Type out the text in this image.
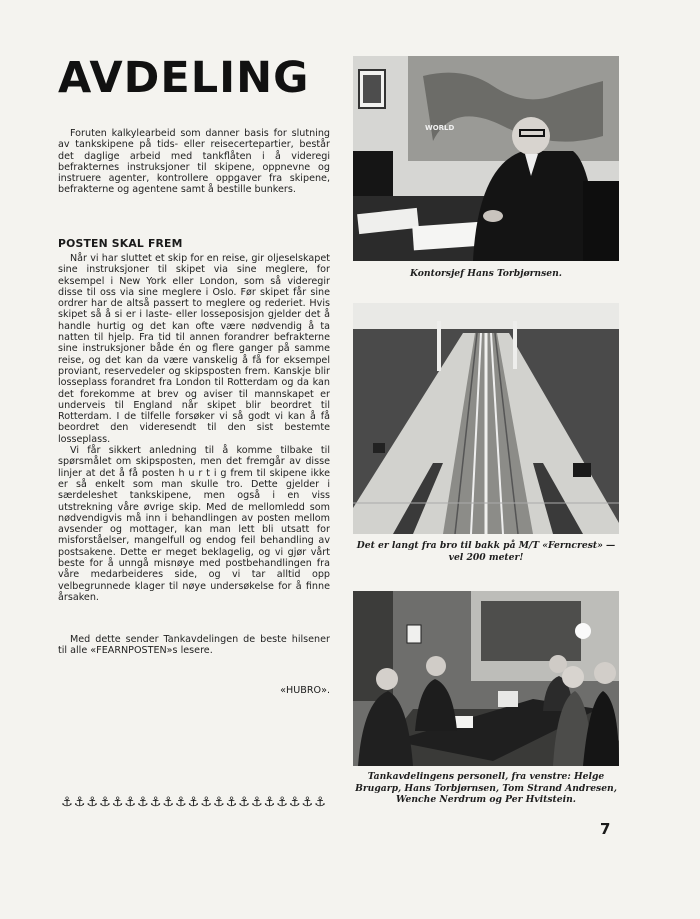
AVDELING

Foruten kalkylearbeid som danner basis for slutning av tankskipene på tids- eller reisecertepartier, består det daglige arbeid med tankflåten i å videregi befrakternes instruksjoner til skipene, oppnevne og instruere agenter, kontrollere oppgaver fra skipene, befrakterne og agentene samt å bestille bunkers.

POSTEN SKAL FREM

Når vi har sluttet et skip for en reise, gir oljeselskapet sine instruksjoner til skipet via sine meglere, for eksempel i New York eller London, som så videregir disse til oss via sine meglere i Oslo. Før skipet får sine ordrer har de altså passert to meglere og rederiet. Hvis skipet så å si er i laste- eller losseposisjon gjelder det å handle hurtig og det kan ofte være nødvendig å ta natten til hjelp. Fra tid til annen forandrer befrakterne sine instruksjoner både én og flere ganger på samme reise, og det kan da være vanskelig å få for eksempel proviant, reservedeler og skipsposten frem. Kanskje blir losseplass forandret fra London til Rotterdam og da kan det forekomme at brev og aviser til mannskapet er underveis til England når skipet blir beordret til Rotterdam. I de tilfelle forsøker vi så godt vi kan å få beordret den videresendt til den sist bestemte losseplass.

Vi får sikkert anledning til å komme tilbake til spørsmålet om skipsposten, men det fremgår av disse linjer at det å få posten h u r t i g frem til skipene ikke er så enkelt som man skulle tro. Dette gjelder i særdeleshet tankskipene, men også i en viss utstrekning våre øvrige skip. Med de mellomledd som nødvendigvis må inn i behandlingen av posten mellom avsender og mottager, kan man lett bli utsatt for misforståelser, mangelfull og endog feil behandling av postsakene. Dette er meget beklagelig, og vi gjør vårt beste for å unngå misnøye med postbehandlingen fra våre medarbeideres side, og vi tar alltid opp velbegrunnede klager til nøye undersøkelse for å finne årsaken.

Med dette sender Tankavdelingen de beste hilsener til alle «FEARNPOSTEN»s lesere.

«HUBRO».

⚓⚓⚓⚓⚓⚓⚓⚓⚓⚓⚓⚓⚓⚓⚓⚓⚓⚓⚓⚓⚓

WORLD

Kontorsjef Hans Torbjørnsen.

Det er langt fra bro til bakk på M/T «Ferncrest» — vel 200 meter!

Tankavdelingens personell, fra venstre: Helge Brugarp, Hans Torbjørnsen, Tom Strand Andresen, Wenche Nerdrum og Per Hvitstein.

7
